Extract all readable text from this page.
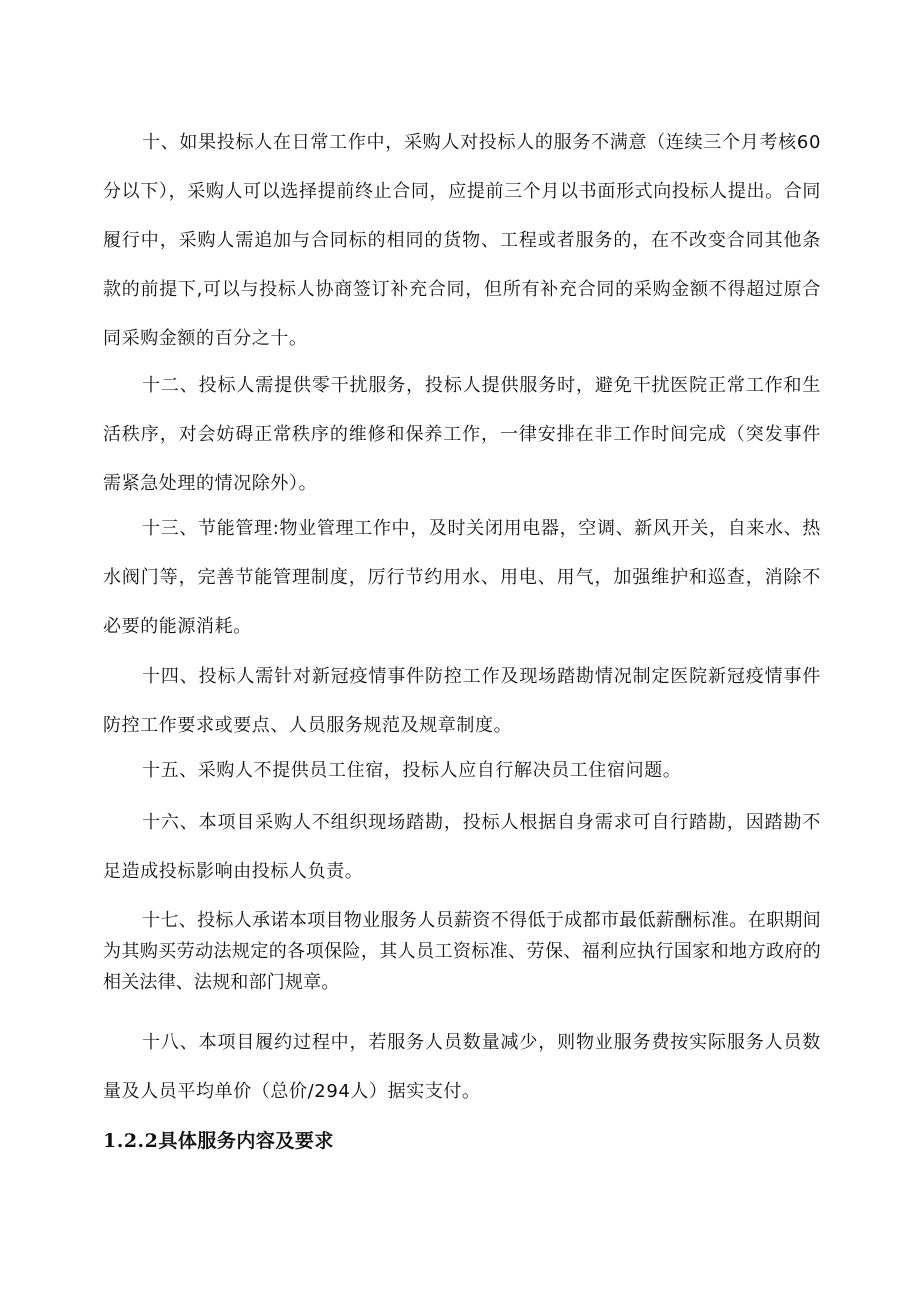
十、如果投标人在日常工作中，采购人对投标人的服务不满意（连续三个月考核60分以下），采购人可以选择提前终止合同，应提前三个月以书面形式向投标人提出。合同履行中，采购人需追加与合同标的相同的货物、工程或者服务的，在不改变合同其他条款的前提下,可以与投标人协商签订补充合同，但所有补充合同的采购金额不得超过原合同采购金额的百分之十。

十二、投标人需提供零干扰服务，投标人提供服务时，避免干扰医院正常工作和生活秩序，对会妨碍正常秩序的维修和保养工作，一律安排在非工作时间完成（突发事件需紧急处理的情况除外）。

十三、节能管理:物业管理工作中，及时关闭用电器，空调、新风开关，自来水、热水阀门等，完善节能管理制度，厉行节约用水、用电、用气，加强维护和巡查，消除不必要的能源消耗。

十四、投标人需针对新冠疫情事件防控工作及现场踏勘情况制定医院新冠疫情事件防控工作要求或要点、人员服务规范及规章制度。

十五、采购人不提供员工住宿，投标人应自行解决员工住宿问题。

十六、本项目采购人不组织现场踏勘，投标人根据自身需求可自行踏勘，因踏勘不足造成投标影响由投标人负责。

十七、投标人承诺本项目物业服务人员薪资不得低于成都市最低薪酬标准。在职期间为其购买劳动法规定的各项保险，其人员工资标准、劳保、福利应执行国家和地方政府的相关法律、法规和部门规章。

十八、本项目履约过程中，若服务人员数量减少，则物业服务费按实际服务人员数量及人员平均单价（总价/294人）据实支付。

1.2.2具体服务内容及要求
